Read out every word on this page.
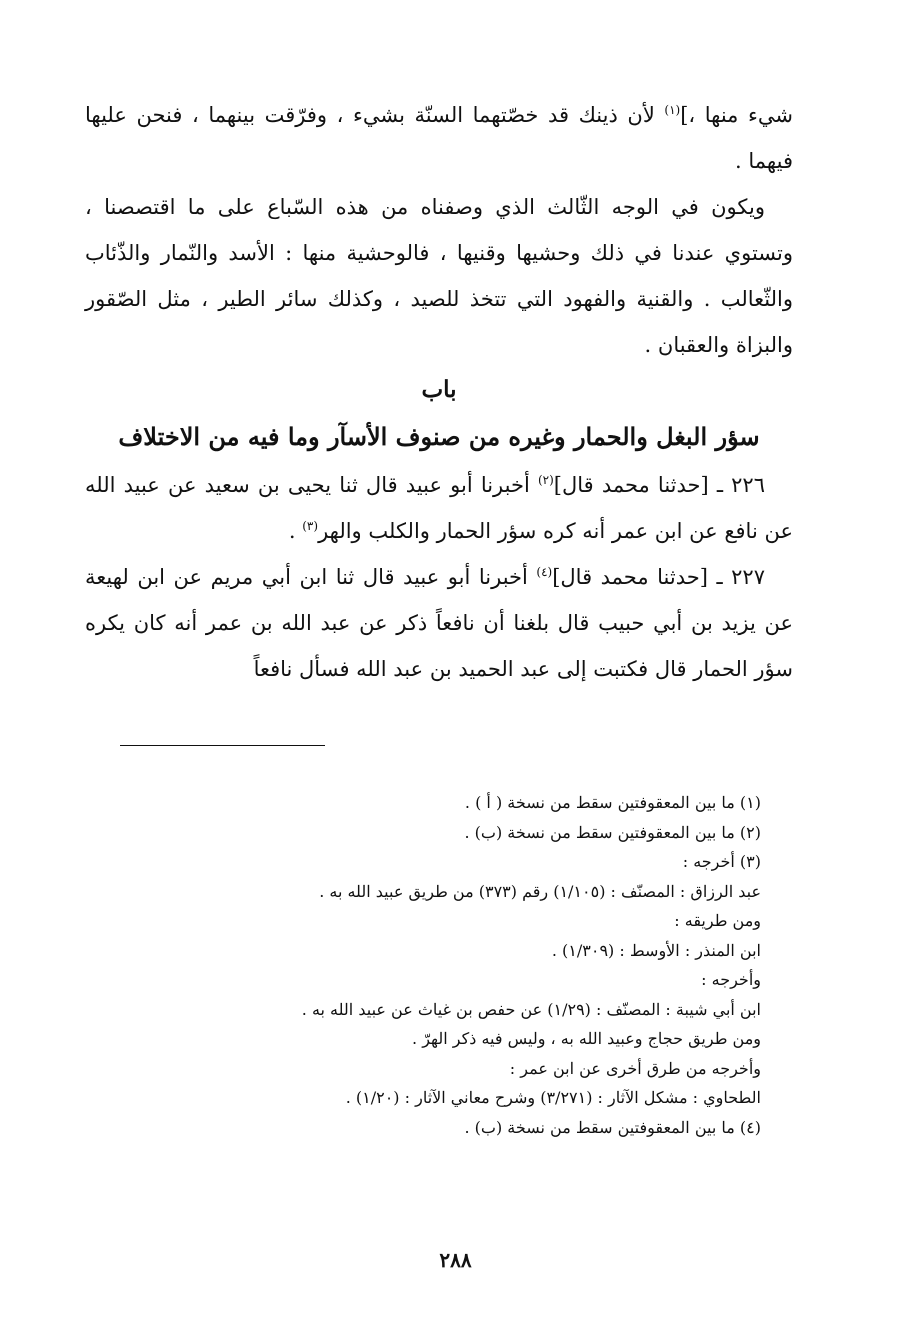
شيء منها ،]$^{(١)}$ لأن ذينك قد خصّتهما السنّة بشيء ، وفرّقت بينهما ، فنحن عليها فيهما .

ويكون في الوجه الثّالث الذي وصفناه من هذه السّباع على ما اقتصصنا ، وتستوي عندنا في ذلك وحشيها وقنيها ، فالوحشية منها : الأسد والنّمار والذّئاب والثّعالب . والقنية والفهود التي تتخذ للصيد ، وكذلك سائر الطير ، مثل الصّقور والبزاة والعقبان .

باب

سؤر البغل والحمار وغيره من صنوف الأسآر وما فيه من الاختلاف

٢٢٦ ـ [حدثنا محمد قال]$^{(٢)}$ أخبرنا أبو عبيد قال ثنا يحيى بن سعيد عن عبيد الله عن نافع عن ابن عمر أنه كره سؤر الحمار والكلب والهر$^{(٣)}$ .

٢٢٧ ـ [حدثنا محمد قال]$^{(٤)}$ أخبرنا أبو عبيد قال ثنا ابن أبي مريم عن ابن لهيعة عن يزيد بن أبي حبيب قال بلغنا أن نافعاً ذكر عن عبد الله بن عمر أنه كان يكره سؤر الحمار قال فكتبت إلى عبد الحميد بن عبد الله فسأل نافعاً

(١) ما بين المعقوفتين سقط من نسخة ( أ ) .
(٢) ما بين المعقوفتين سقط من نسخة (ب) .
(٣) أخرجه :
عبد الرزاق : المصنّف : (١/١٠٥) رقم (٣٧٣) من طريق عبيد الله به .
ومن طريقه :
ابن المنذر : الأوسط : (١/٣٠٩) .
وأخرجه :
ابن أبي شيبة : المصنّف : (١/٢٩) عن حفص بن غياث عن عبيد الله به .
ومن طريق حجاج وعبيد الله به ، وليس فيه ذكر الهرّ .
وأخرجه من طرق أخرى عن ابن عمر :
الطحاوي : مشكل الآثار : (٣/٢٧١) وشرح معاني الآثار : (١/٢٠) .
(٤) ما بين المعقوفتين سقط من نسخة (ب) .
٢٨٨
